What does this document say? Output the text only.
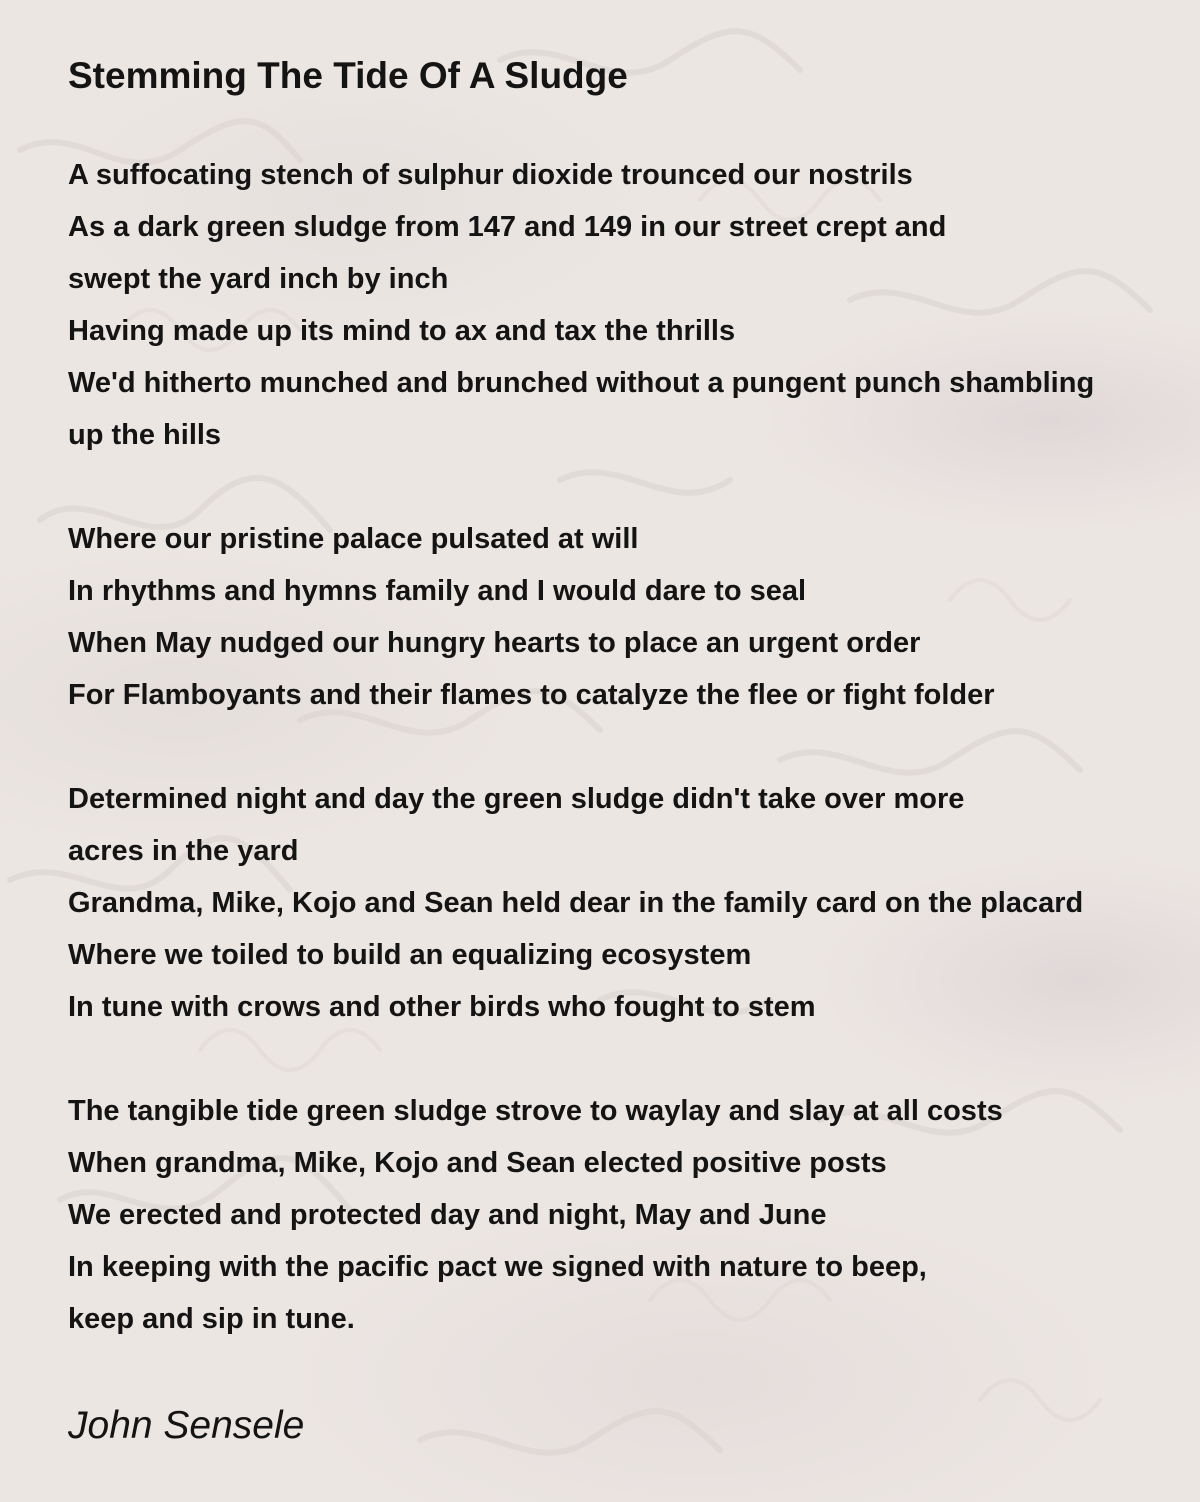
Stemming The Tide Of A Sludge
A suffocating stench of sulphur dioxide trounced our nostrils
As a dark green sludge from 147 and 149 in our street crept and
swept the yard inch by inch
Having made up its mind to ax and tax the thrills
We'd hitherto munched and brunched without a pungent punch shambling
up the hills
Where our pristine palace pulsated at will
In rhythms and hymns family and I would dare to seal
When May nudged our hungry hearts to place an urgent order
For Flamboyants and their flames to catalyze the flee or fight folder
Determined night and day the green sludge didn't take over more
acres in the yard
Grandma, Mike, Kojo and Sean held dear in the family card on the placard
Where we toiled to build an equalizing ecosystem
In tune with crows and other birds who fought to stem
The tangible tide green sludge strove to waylay and slay at all costs
When grandma, Mike, Kojo and Sean elected positive posts
We erected and protected day and night, May and June
In keeping with the pacific pact we signed with nature to beep,
keep and sip in tune.

John Sensele
